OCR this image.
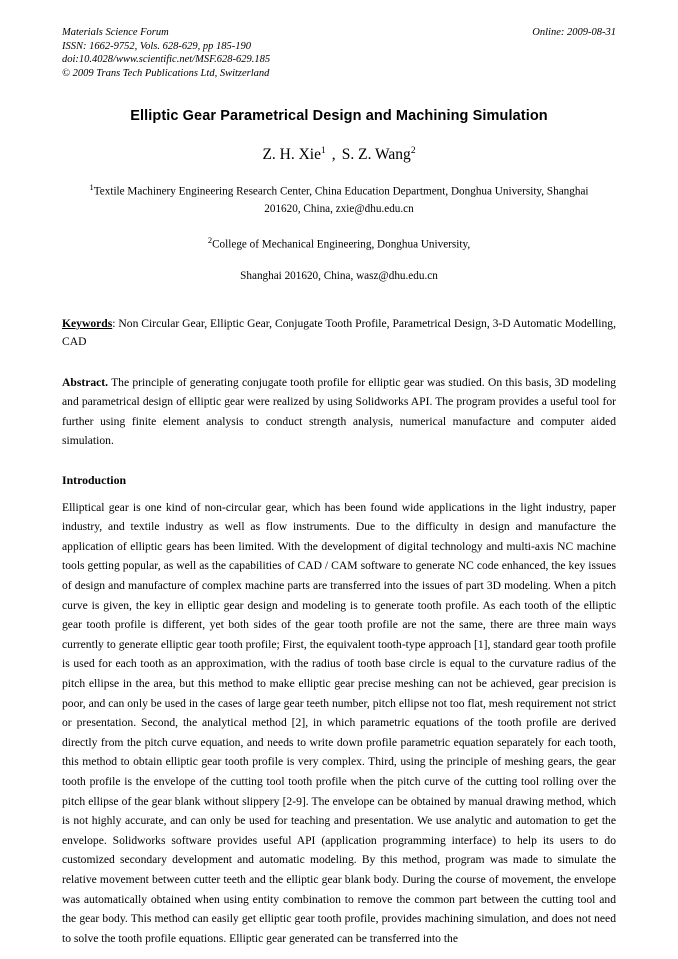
Materials Science Forum
ISSN: 1662-9752, Vols. 628-629, pp 185-190
doi:10.4028/www.scientific.net/MSF.628-629.185
© 2009 Trans Tech Publications Ltd, Switzerland
Online: 2009-08-31
Elliptic Gear Parametrical Design and Machining Simulation
Z. H. Xie$^1$ , S. Z. Wang$^2$
$^1$Textile Machinery Engineering Research Center, China Education Department, Donghua University, Shanghai 201620, China, zxie@dhu.edu.cn
$^2$College of Mechanical Engineering, Donghua University,
Shanghai 201620, China, wasz@dhu.edu.cn
Keywords: Non Circular Gear, Elliptic Gear, Conjugate Tooth Profile, Parametrical Design, 3-D Automatic Modelling, CAD
Abstract. The principle of generating conjugate tooth profile for elliptic gear was studied. On this basis, 3D modeling and parametrical design of elliptic gear were realized by using Solidworks API. The program provides a useful tool for further using finite element analysis to conduct strength analysis, numerical manufacture and computer aided simulation.
Introduction
Elliptical gear is one kind of non-circular gear, which has been found wide applications in the light industry, paper industry, and textile industry as well as flow instruments. Due to the difficulty in design and manufacture the application of elliptic gears has been limited. With the development of digital technology and multi-axis NC machine tools getting popular, as well as the capabilities of CAD / CAM software to generate NC code enhanced, the key issues of design and manufacture of complex machine parts are transferred into the issues of part 3D modeling. When a pitch curve is given, the key in elliptic gear design and modeling is to generate tooth profile. As each tooth of the elliptic gear tooth profile is different, yet both sides of the gear tooth profile are not the same, there are three main ways currently to generate elliptic gear tooth profile; First, the equivalent tooth-type approach [1], standard gear tooth profile is used for each tooth as an approximation, with the radius of tooth base circle is equal to the curvature radius of the pitch ellipse in the area, but this method to make elliptic gear precise meshing can not be achieved, gear precision is poor, and can only be used in the cases of large gear teeth number, pitch ellipse not too flat, mesh requirement not strict or presentation. Second, the analytical method [2], in which parametric equations of the tooth profile are derived directly from the pitch curve equation, and needs to write down profile parametric equation separately for each tooth, this method to obtain elliptic gear tooth profile is very complex. Third, using the principle of meshing gears, the gear tooth profile is the envelope of the cutting tool tooth profile when the pitch curve of the cutting tool rolling over the pitch ellipse of the gear blank without slippery [2-9]. The envelope can be obtained by manual drawing method, which is not highly accurate, and can only be used for teaching and presentation. We use analytic and automation to get the envelope. Solidworks software provides useful API (application programming interface) to help its users to do customized secondary development and automatic modeling. By this method, program was made to simulate the relative movement between cutter teeth and the elliptic gear blank body. During the course of movement, the envelope was automatically obtained when using entity combination to remove the common part between the cutting tool and the gear body. This method can easily get elliptic gear tooth profile, provides machining simulation, and does not need to solve the tooth profile equations. Elliptic gear generated can be transferred into the
